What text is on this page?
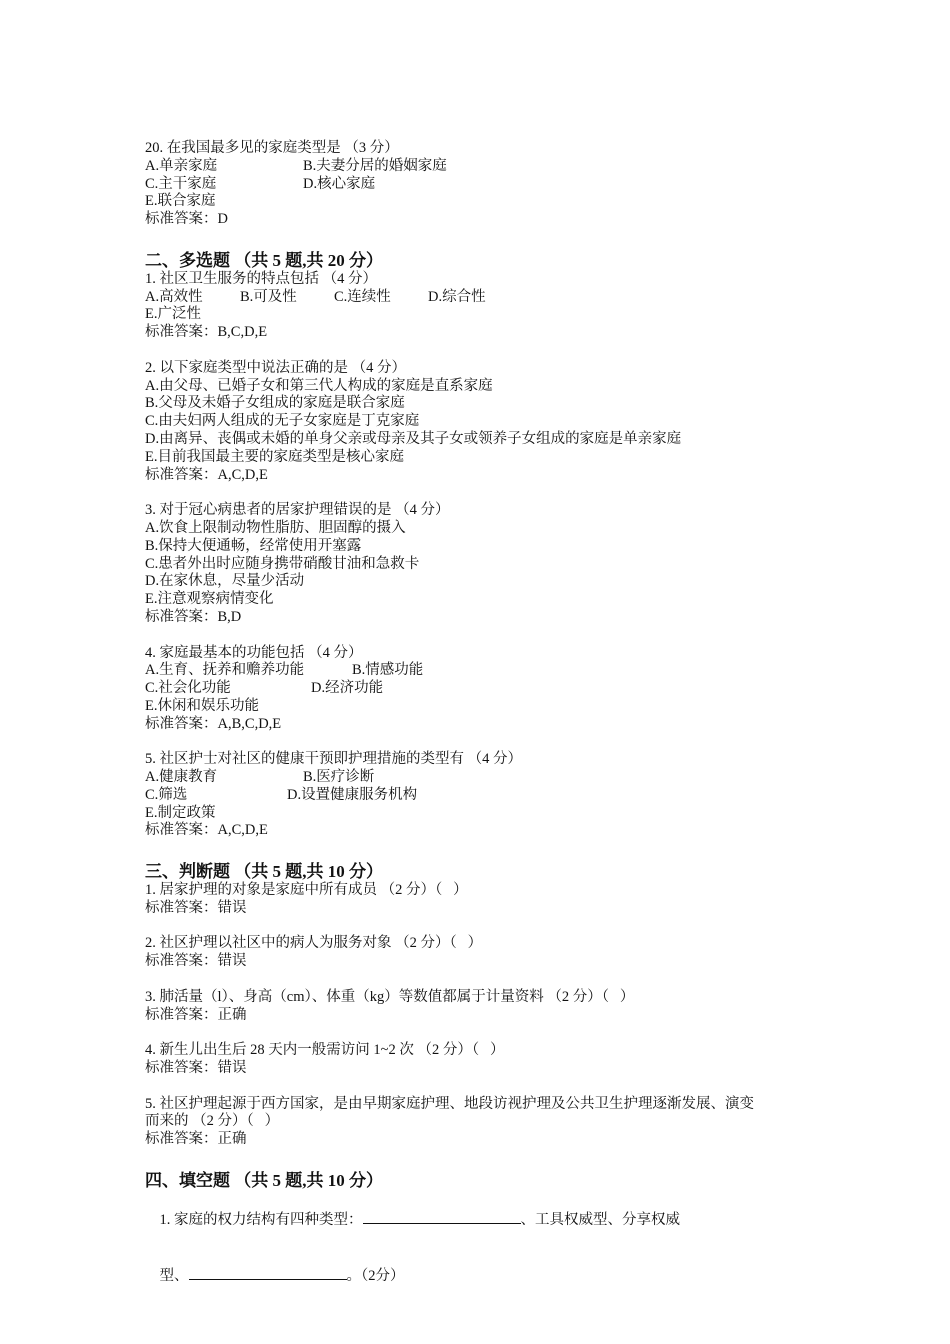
20. 在我国最多见的家庭类型是 （3 分）
A.单亲家庭	B.夫妻分居的婚姻家庭
C.主干家庭	D.核心家庭
E.联合家庭
标准答案：D
二、多选题 （共 5 题,共 20 分）
1. 社区卫生服务的特点包括 （4 分）
A.高效性	B.可及性	C.连续性	D.综合性
E.广泛性
标准答案：B,C,D,E
2. 以下家庭类型中说法正确的是 （4 分）
A.由父母、已婚子女和第三代人构成的家庭是直系家庭
B.父母及未婚子女组成的家庭是联合家庭
C.由夫妇两人组成的无子女家庭是丁克家庭
D.由离异、丧偶或未婚的单身父亲或母亲及其子女或领养子女组成的家庭是单亲家庭
E.目前我国最主要的家庭类型是核心家庭
标准答案：A,C,D,E
3. 对于冠心病患者的居家护理错误的是 （4 分）
A.饮食上限制动物性脂肪、胆固醇的摄入
B.保持大便通畅，经常使用开塞露
C.患者外出时应随身携带硝酸甘油和急救卡
D.在家休息，尽量少活动
E.注意观察病情变化
标准答案：B,D
4. 家庭最基本的功能包括 （4 分）
A.生育、抚养和赡养功能	B.情感功能
C.社会化功能	D.经济功能
E.休闲和娱乐功能
标准答案：A,B,C,D,E
5. 社区护士对社区的健康干预即护理措施的类型有 （4 分）
A.健康教育	B.医疗诊断
C.筛选	D.设置健康服务机构
E.制定政策
标准答案：A,C,D,E
三、判断题 （共 5 题,共 10 分）
1. 居家护理的对象是家庭中所有成员 （2 分）（   ）
标准答案：错误
2. 社区护理以社区中的病人为服务对象 （2 分）（   ）
标准答案：错误
3. 肺活量（l）、身高（cm）、体重（kg）等数值都属于计量资料 （2 分）（   ）
标准答案：正确
4. 新生儿出生后 28 天内一般需访问 1~2 次 （2 分）（   ）
标准答案：错误
5. 社区护理起源于西方国家，是由早期家庭护理、地段访视护理及公共卫生护理逐渐发展、演变
而来的 （2 分）（   ）
标准答案：正确
四、填空题 （共 5 题,共 10 分）

1. 家庭的权力结构有四种类型：	、工具权威型、分享权威

型、	。（2分）
